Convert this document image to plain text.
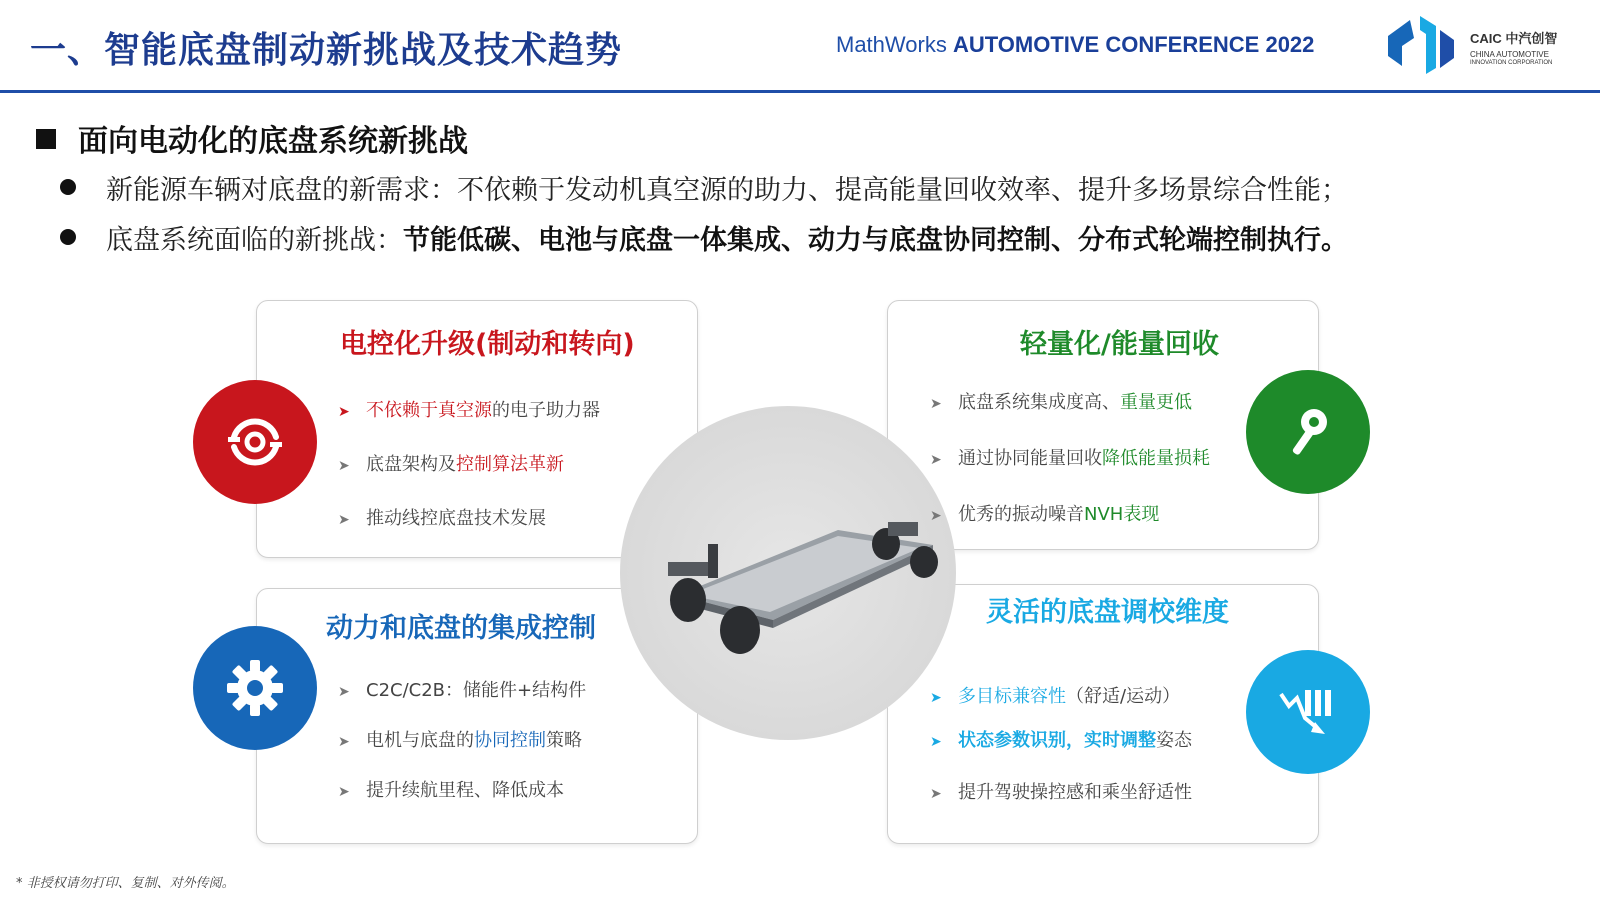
一、智能底盘制动新挑战及技术趋势	MathWorks AUTOMOTIVE CONFERENCE 2022	CAIC 中汽创智
CHINA AUTOMOTIVE
INNOVATION CORPORATION
面向电动化的底盘系统新挑战
新能源车辆对底盘的新需求：不依赖于发动机真空源的助力、提高能量回收效率、提升多场景综合性能；
底盘系统面临的新挑战：节能低碳、电池与底盘一体集成、动力与底盘协同控制、分布式轮端控制执行。
电控化升级(制动和转向)
➤ 不依赖于真空源的电子助力器
➤ 底盘架构及控制算法革新
➤ 推动线控底盘技术发展
轻量化/能量回收
➤ 底盘系统集成度高、重量更低
➤ 通过协同能量回收降低能量损耗
➤ 优秀的振动噪音NVH表现
动力和底盘的集成控制
➤ C2C/C2B：储能件+结构件
➤ 电机与底盘的协同控制策略
➤ 提升续航里程、降低成本
灵活的底盘调校维度
➤ 多目标兼容性（舒适/运动）
➤ 状态参数识别，实时调整姿态
➤ 提升驾驶操控感和乘坐舒适性
* 非授权请勿打印、复制、对外传阅。
